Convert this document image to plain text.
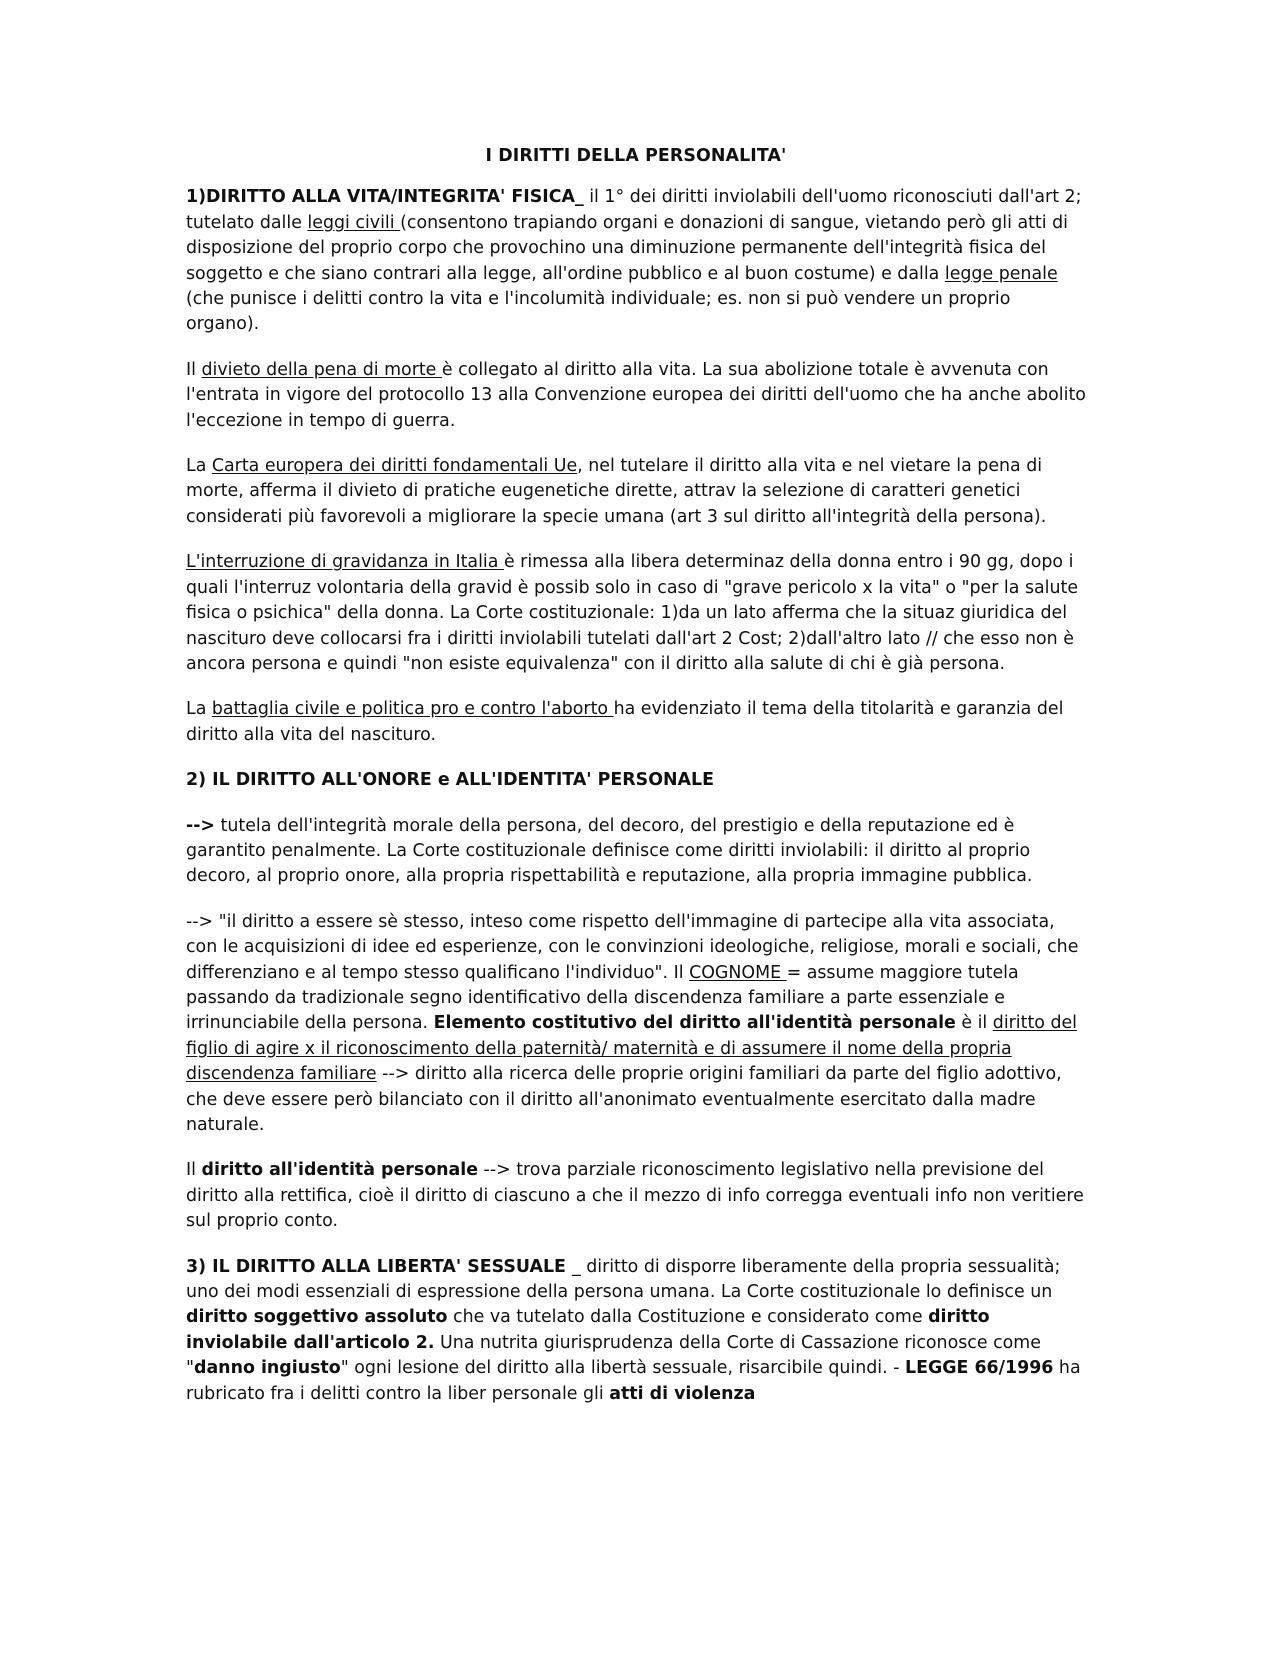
I DIRITTI DELLA PERSONALITA'

1)DIRITTO ALLA VITA/INTEGRITA' FISICA_ il 1° dei diritti inviolabili dell'uomo riconosciuti dall'art 2; tutelato dalle leggi civili (consentono trapiando organi e donazioni di sangue, vietando però gli atti di disposizione del proprio corpo che provochino una diminuzione permanente dell'integrità fisica del soggetto e che siano contrari alla legge, all'ordine pubblico e al buon costume) e dalla legge penale (che punisce i delitti contro la vita e l'incolumità individuale; es. non si può vendere un proprio organo).

Il divieto della pena di morte è collegato al diritto alla vita. La sua abolizione totale è avvenuta con l'entrata in vigore del protocollo 13 alla Convenzione europea dei diritti dell'uomo che ha anche abolito l'eccezione in tempo di guerra.

La Carta europera dei diritti fondamentali Ue, nel tutelare il diritto alla vita e nel vietare la pena di morte, afferma il divieto di pratiche eugenetiche dirette, attrav la selezione di caratteri genetici considerati più favorevoli a migliorare la specie umana (art 3 sul diritto all'integrità della persona).

L'interruzione di gravidanza in Italia è rimessa alla libera determinaz della donna entro i 90 gg, dopo i quali l'interruz volontaria della gravid è possib solo in caso di "grave pericolo x la vita" o "per la salute fisica o psichica" della donna. La Corte costituzionale: 1)da un lato afferma che la situaz giuridica del nascituro deve collocarsi fra i diritti inviolabili tutelati dall'art 2 Cost; 2)dall'altro lato // che esso non è ancora persona e quindi "non esiste equivalenza" con il diritto alla salute di chi è già persona.

La battaglia civile e politica pro e contro l'aborto ha evidenziato il tema della titolarità e garanzia del diritto alla vita del nascituro.

2) IL DIRITTO ALL'ONORE e ALL'IDENTITA' PERSONALE

--> tutela dell'integrità morale della persona, del decoro, del prestigio e della reputazione ed è garantito penalmente. La Corte costituzionale definisce come diritti inviolabili: il diritto al proprio decoro, al proprio onore, alla propria rispettabilità e reputazione, alla propria immagine pubblica.

--> "il diritto a essere sè stesso, inteso come rispetto dell'immagine di partecipe alla vita associata, con le acquisizioni di idee ed esperienze, con le convinzioni ideologiche, religiose, morali e sociali, che differenziano e al tempo stesso qualificano l'individuo". Il COGNOME = assume maggiore tutela passando da tradizionale segno identificativo della discendenza familiare a parte essenziale e irrinunciabile della persona. Elemento costitutivo del diritto all'identità personale è il diritto del figlio di agire x il riconoscimento della paternità/ maternità e di assumere il nome della propria discendenza familiare --> diritto alla ricerca delle proprie origini familiari da parte del figlio adottivo, che deve essere però bilanciato con il diritto all'anonimato eventualmente esercitato dalla madre naturale.

Il diritto all'identità personale --> trova parziale riconoscimento legislativo nella previsione del diritto alla rettifica, cioè il diritto di ciascuno a che il mezzo di info corregga eventuali info non veritiere sul proprio conto.

3) IL DIRITTO ALLA LIBERTA' SESSUALE _ diritto di disporre liberamente della propria sessualità; uno dei modi essenziali di espressione della persona umana. La Corte costituzionale lo definisce un diritto soggettivo assoluto che va tutelato dalla Costituzione e considerato come diritto inviolabile dall'articolo 2. Una nutrita giurisprudenza della Corte di Cassazione riconosce come "danno ingiusto" ogni lesione del diritto alla libertà sessuale, risarcibile quindi. - LEGGE 66/1996 ha rubricato fra i delitti contro la liber personale gli atti di violenza
